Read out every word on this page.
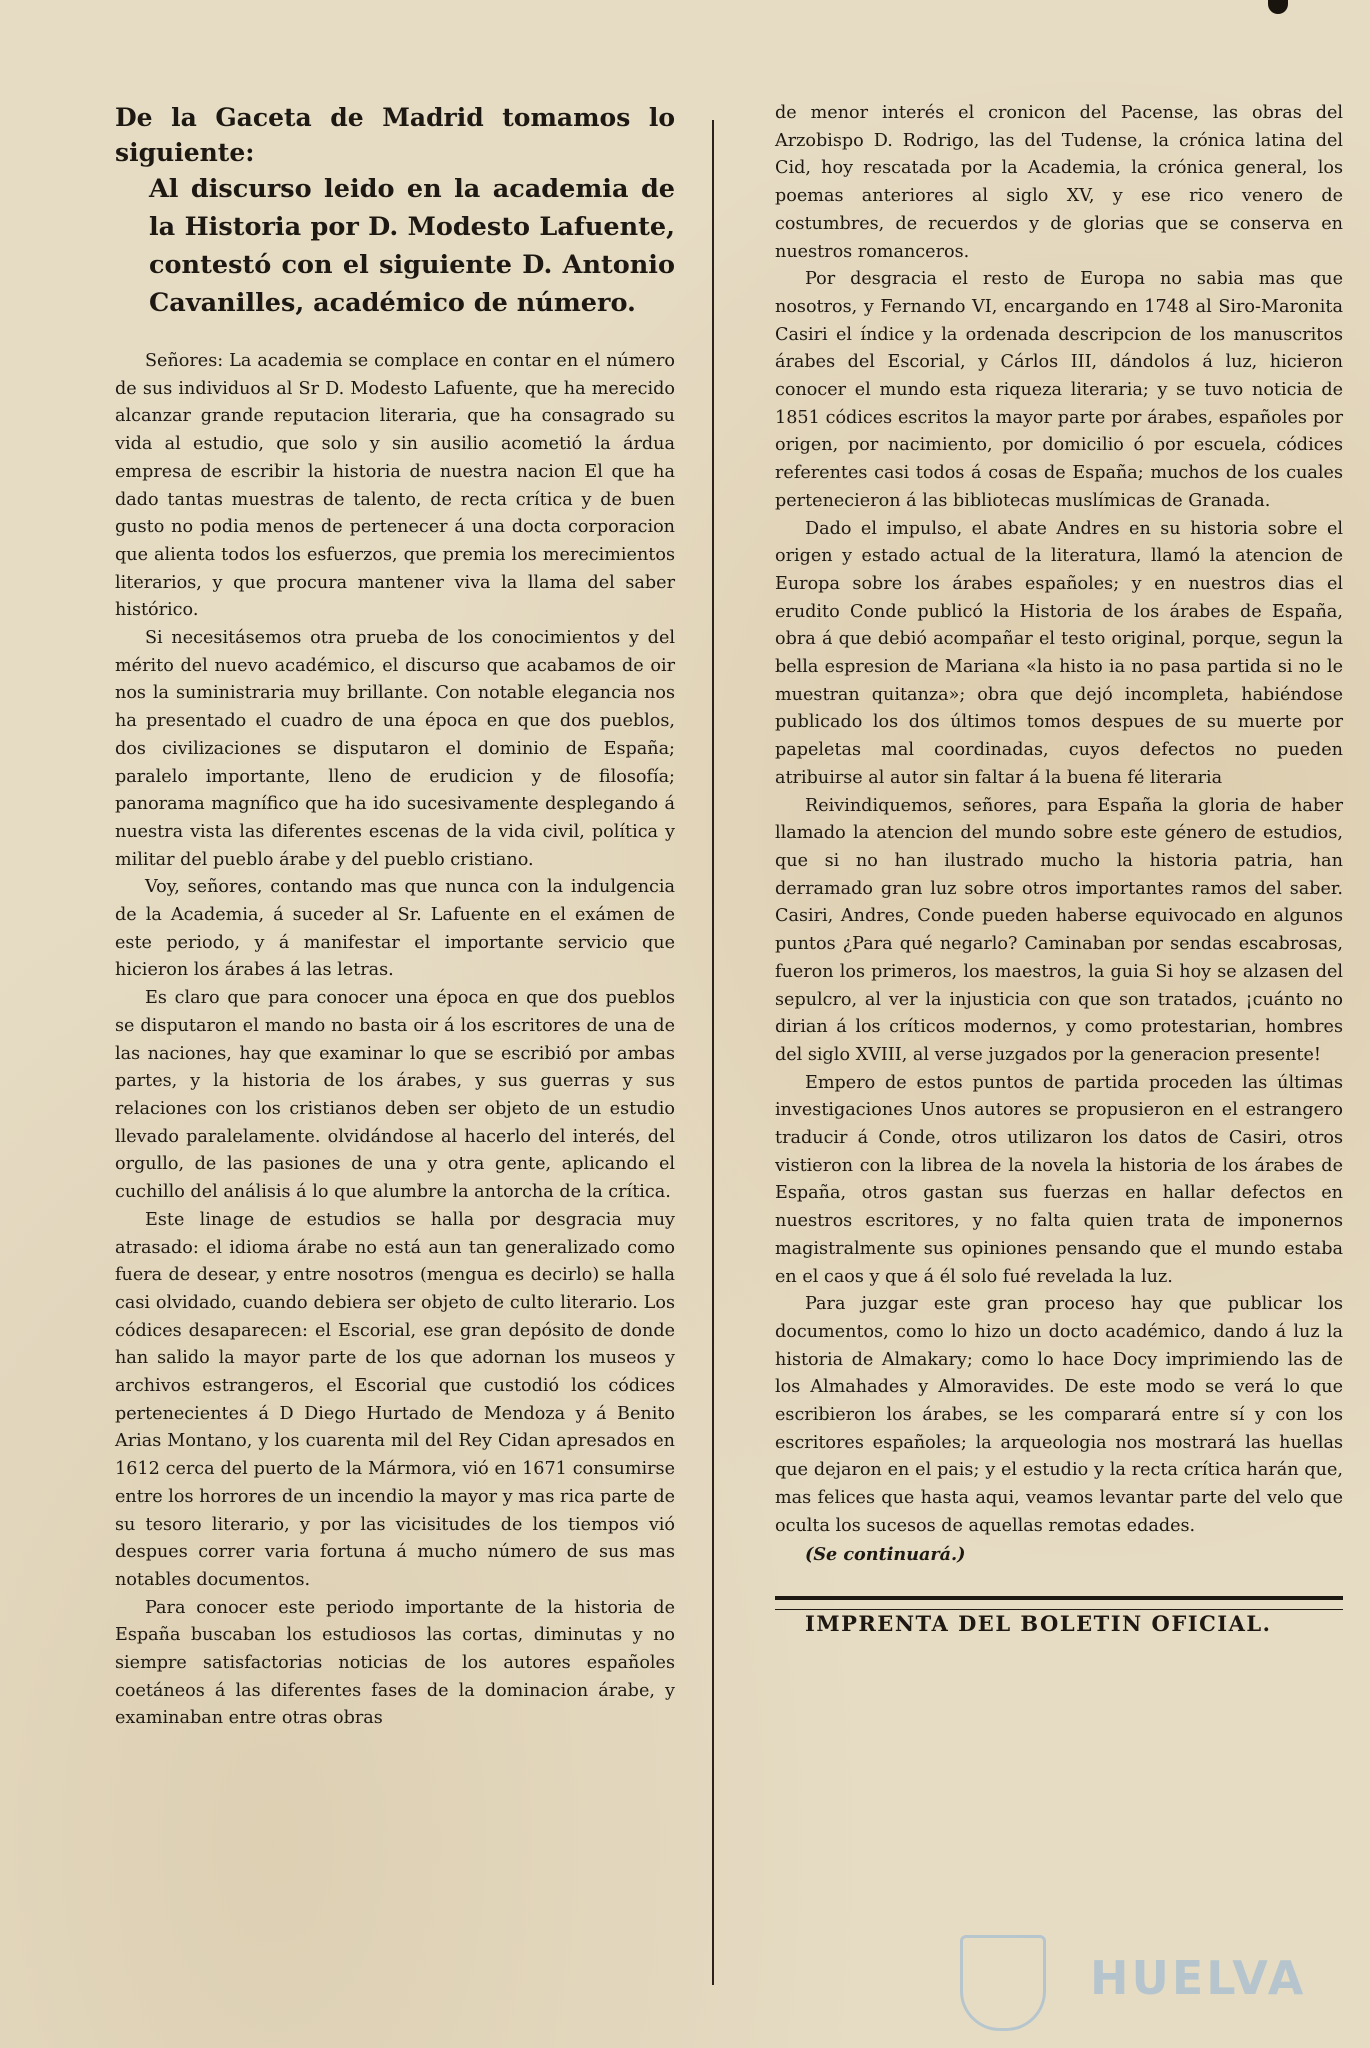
De la Gaceta de Madrid tomamos lo siguiente:

Al discurso leido en la academia de la Historia por D. Modesto Lafuente, contestó con el siguiente D. Antonio Cavanilles, académico de número.

Señores: La academia se complace en contar en el número de sus individuos al Sr D. Modesto Lafuente, que ha merecido alcanzar grande reputacion literaria, que ha consagrado su vida al estudio, que solo y sin ausilio acometió la árdua empresa de escribir la historia de nuestra nacion El que ha dado tantas muestras de talento, de recta crítica y de buen gusto no podia menos de pertenecer á una docta corporacion que alienta todos los esfuerzos, que premia los merecimientos literarios, y que procura mantener viva la llama del saber histórico.

Si necesitásemos otra prueba de los conocimientos y del mérito del nuevo académico, el discurso que acabamos de oir nos la suministraria muy brillante. Con notable elegancia nos ha presentado el cuadro de una época en que dos pueblos, dos civilizaciones se disputaron el dominio de España; paralelo importante, lleno de erudicion y de filosofía; panorama magnífico que ha ido sucesivamente desplegando á nuestra vista las diferentes escenas de la vida civil, política y militar del pueblo árabe y del pueblo cristiano.

Voy, señores, contando mas que nunca con la indulgencia de la Academia, á suceder al Sr. Lafuente en el exámen de este periodo, y á manifestar el importante servicio que hicieron los árabes á las letras.

Es claro que para conocer una época en que dos pueblos se disputaron el mando no basta oir á los escritores de una de las naciones, hay que examinar lo que se escribió por ambas partes, y la historia de los árabes, y sus guerras y sus relaciones con los cristianos deben ser objeto de un estudio llevado paralelamente. olvidándose al hacerlo del interés, del orgullo, de las pasiones de una y otra gente, aplicando el cuchillo del análisis á lo que alumbre la antorcha de la crítica.

Este linage de estudios se halla por desgracia muy atrasado: el idioma árabe no está aun tan generalizado como fuera de desear, y entre nosotros (mengua es decirlo) se halla casi olvidado, cuando debiera ser objeto de culto literario. Los códices desaparecen: el Escorial, ese gran depósito de donde han salido la mayor parte de los que adornan los museos y archivos estrangeros, el Escorial que custodió los códices pertenecientes á D Diego Hurtado de Mendoza y á Benito Arias Montano, y los cuarenta mil del Rey Cidan apresados en 1612 cerca del puerto de la Mármora, vió en 1671 consumirse entre los horrores de un incendio la mayor y mas rica parte de su tesoro literario, y por las vicisitudes de los tiempos vió despues correr varia fortuna á mucho número de sus mas notables documentos.

Para conocer este periodo importante de la historia de España buscaban los estudiosos las cortas, diminutas y no siempre satisfactorias noticias de los autores españoles coetáneos á las diferentes fases de la dominacion árabe, y examinaban entre otras obras

de menor interés el cronicon del Pacense, las obras del Arzobispo D. Rodrigo, las del Tudense, la crónica latina del Cid, hoy rescatada por la Academia, la crónica general, los poemas anteriores al siglo XV, y ese rico venero de costumbres, de recuerdos y de glorias que se conserva en nuestros romanceros.

Por desgracia el resto de Europa no sabia mas que nosotros, y Fernando VI, encargando en 1748 al Siro-Maronita Casiri el índice y la ordenada descripcion de los manuscritos árabes del Escorial, y Cárlos III, dándolos á luz, hicieron conocer el mundo esta riqueza literaria; y se tuvo noticia de 1851 códices escritos la mayor parte por árabes, españoles por origen, por nacimiento, por domicilio ó por escuela, códices referentes casi todos á cosas de España; muchos de los cuales pertenecieron á las bibliotecas muslímicas de Granada.

Dado el impulso, el abate Andres en su historia sobre el origen y estado actual de la literatura, llamó la atencion de Europa sobre los árabes españoles; y en nuestros dias el erudito Conde publicó la Historia de los árabes de España, obra á que debió acompañar el testo original, porque, segun la bella espresion de Mariana «la histo ia no pasa partida si no le muestran quitanza»; obra que dejó incompleta, habiéndose publicado los dos últimos tomos despues de su muerte por papeletas mal coordinadas, cuyos defectos no pueden atribuirse al autor sin faltar á la buena fé literaria

Reivindiquemos, señores, para España la gloria de haber llamado la atencion del mundo sobre este género de estudios, que si no han ilustrado mucho la historia patria, han derramado gran luz sobre otros importantes ramos del saber. Casiri, Andres, Conde pueden haberse equivocado en algunos puntos ¿Para qué negarlo? Caminaban por sendas escabrosas, fueron los primeros, los maestros, la guia Si hoy se alzasen del sepulcro, al ver la injusticia con que son tratados, ¡cuánto no dirian á los críticos modernos, y como protestarian, hombres del siglo XVIII, al verse juzgados por la generacion presente!

Empero de estos puntos de partida proceden las últimas investigaciones Unos autores se propusieron en el estrangero traducir á Conde, otros utilizaron los datos de Casiri, otros vistieron con la librea de la novela la historia de los árabes de España, otros gastan sus fuerzas en hallar defectos en nuestros escritores, y no falta quien trata de imponernos magistralmente sus opiniones pensando que el mundo estaba en el caos y que á él solo fué revelada la luz.

Para juzgar este gran proceso hay que publicar los documentos, como lo hizo un docto académico, dando á luz la historia de Almakary; como lo hace Docy imprimiendo las de los Almahades y Almoravides. De este modo se verá lo que escribieron los árabes, se les comparará entre sí y con los escritores españoles; la arqueologia nos mostrará las huellas que dejaron en el pais; y el estudio y la recta crítica harán que, mas felices que hasta aqui, veamos levantar parte del velo que oculta los sucesos de aquellas remotas edades.

(Se continuará.)

IMPRENTA DEL BOLETIN OFICIAL.

HUELVA
